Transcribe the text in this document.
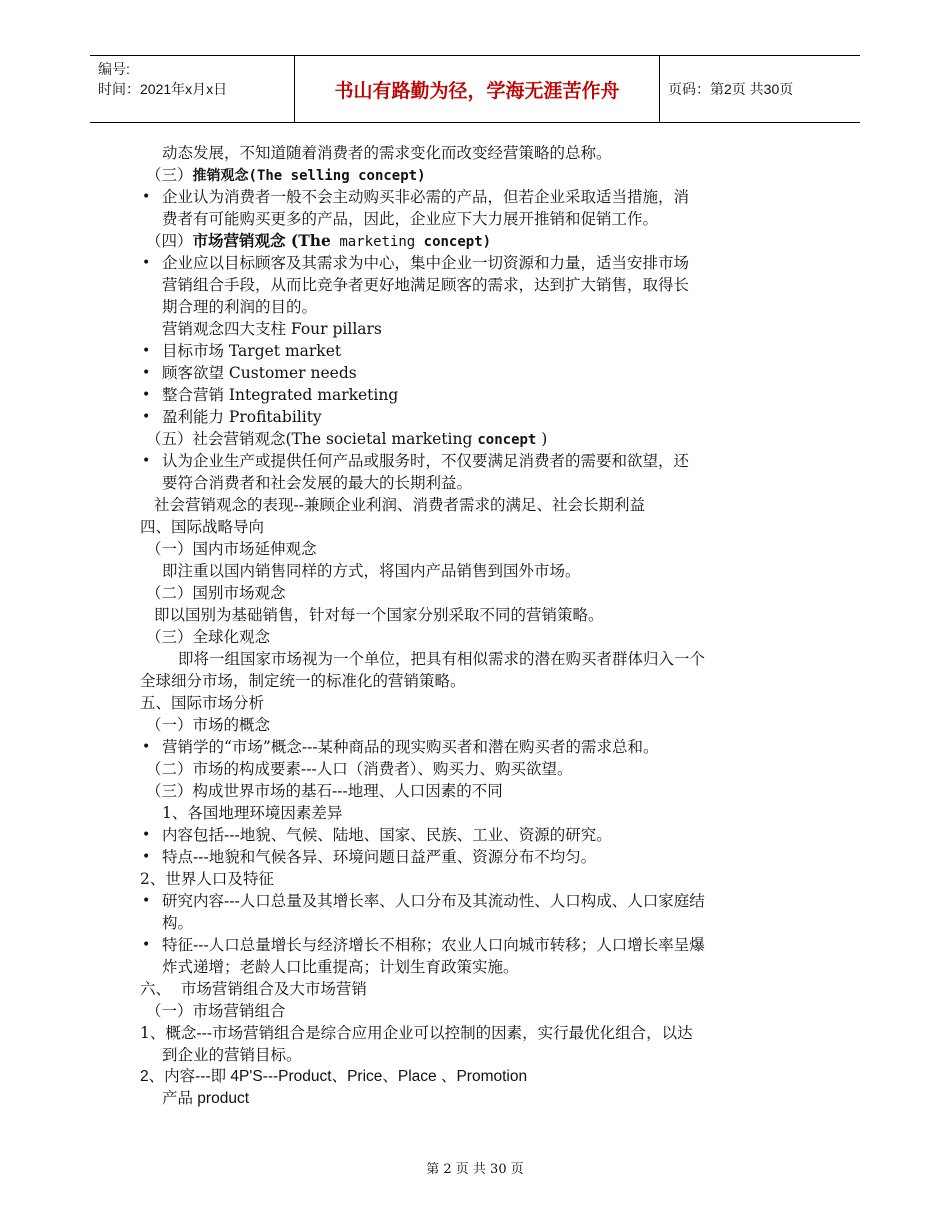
编号:
时间：2021年x月x日	书山有路勤为径，学海无涯苦作舟	页码：第2页 共30页
动态发展，不知道随着消费者的需求变化而改变经营策略的总称。
（三）推销观念(The selling concept)
• 企业认为消费者一般不会主动购买非必需的产品，但若企业采取适当措施，消
费者有可能购买更多的产品，因此，企业应下大力展开推销和促销工作。
（四）市场营销观念 (The marketing concept)
• 企业应以目标顾客及其需求为中心，集中企业一切资源和力量，适当安排市场
营销组合手段，从而比竞争者更好地满足顾客的需求，达到扩大销售，取得长
期合理的利润的目的。
营销观念四大支柱 Four pillars
• 目标市场 Target market
• 顾客欲望 Customer needs
• 整合营销 Integrated marketing
• 盈利能力 Profitability
（五）社会营销观念(The societal marketing concept )
• 认为企业生产或提供任何产品或服务时，不仅要满足消费者的需要和欲望，还
要符合消费者和社会发展的最大的长期利益。
社会营销观念的表现--兼顾企业利润、消费者需求的满足、社会长期利益
四、国际战略导向
（一）国内市场延伸观念
即注重以国内销售同样的方式，将国内产品销售到国外市场。
（二）国别市场观念
即以国别为基础销售，针对每一个国家分别采取不同的营销策略。
（三）全球化观念
即将一组国家市场视为一个单位，把具有相似需求的潜在购买者群体归入一个
全球细分市场，制定统一的标准化的营销策略。
五、国际市场分析
（一）市场的概念
• 营销学的“市场”概念---某种商品的现实购买者和潜在购买者的需求总和。
（二）市场的构成要素---人口（消费者）、购买力、购买欲望。
（三）构成世界市场的基石---地理、人口因素的不同
1、各国地理环境因素差异
• 内容包括---地貌、气候、陆地、国家、民族、工业、资源的研究。
• 特点---地貌和气候各异、环境问题日益严重、资源分布不均匀。
2、世界人口及特征
• 研究内容---人口总量及其增长率、人口分布及其流动性、人口构成、人口家庭结
构。
• 特征---人口总量增长与经济增长不相称；农业人口向城市转移；人口增长率呈爆
炸式递增；老龄人口比重提高；计划生育政策实施。
六、  市场营销组合及大市场营销
（一）市场营销组合
1、概念---市场营销组合是综合应用企业可以控制的因素，实行最优化组合，以达
到企业的营销目标。
2、内容---即 4P'S---Product、Price、Place 、Promotion
产品 product
第 2 页 共 30 页
